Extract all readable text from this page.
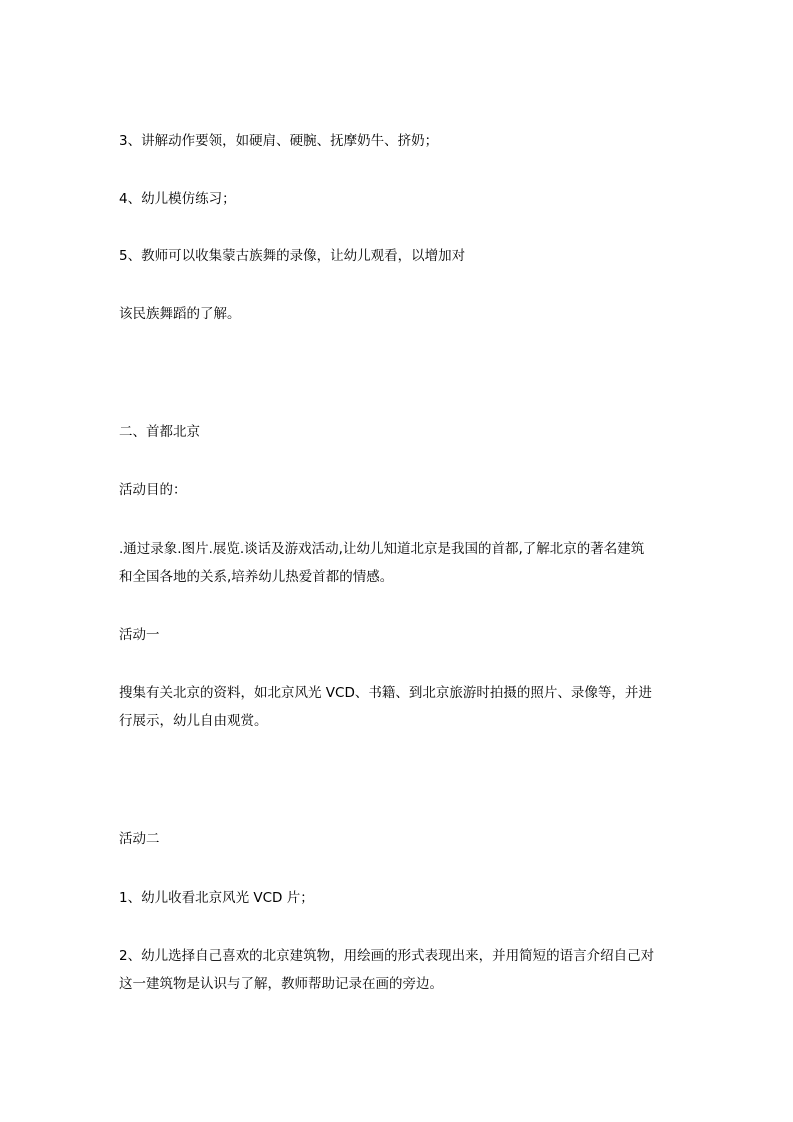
3、讲解动作要领，如硬肩、硬腕、抚摩奶牛、挤奶；
4、幼儿模仿练习；
5、教师可以收集蒙古族舞的录像，让幼儿观看，以增加对
该民族舞蹈的了解。
二、首都北京
活动目的：
.通过录象.图片.展览.谈话及游戏活动,让幼儿知道北京是我国的首都,了解北京的著名建筑
和全国各地的关系,培养幼儿热爱首都的情感。
活动一
搜集有关北京的资料，如北京风光 VCD、书籍、到北京旅游时拍摄的照片、录像等，并进
行展示，幼儿自由观赏。
活动二
1、幼儿收看北京风光 VCD 片；
2、幼儿选择自己喜欢的北京建筑物，用绘画的形式表现出来，并用简短的语言介绍自己对
这一建筑物是认识与了解，教师帮助记录在画的旁边。
